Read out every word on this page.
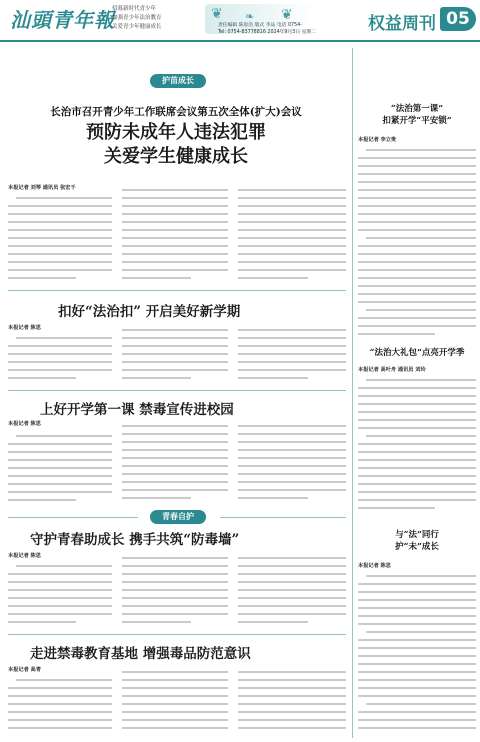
汕頭青年報
招募新时代青少年
加强青少年法治教育
关爱青少年健康成长
❦ ❧ ❦
责任编辑 陈思浩 版式 李品 电话 0754-
Tel: 0754-83778816 2024年9月3日 星期二	权益周刊 05
护苗成长
长治市召开青少年工作联席会议第五次全体(扩大)会议
预防未成年人违法犯罪
关爱学生健康成长
本报记者 刘琴 通讯员 张宏千
扣好“法治扣” 开启美好新学期
本报记者 陈思
上好开学第一课 禁毒宣传进校园
本报记者 陈思
青春自护
守护青春助成长 携手共筑“防毒墙”
本报记者 陈思
走进禁毒教育基地 增强毒品防范意识
本报记者 高青
“法治第一课”
扣紧开学“平安锁”
本报记者 李立贵
“法治大礼包”点亮开学季
本报记者 高叶舟 通讯员 刘玲
与“法”同行
护“未”成长
本报记者 陈思
